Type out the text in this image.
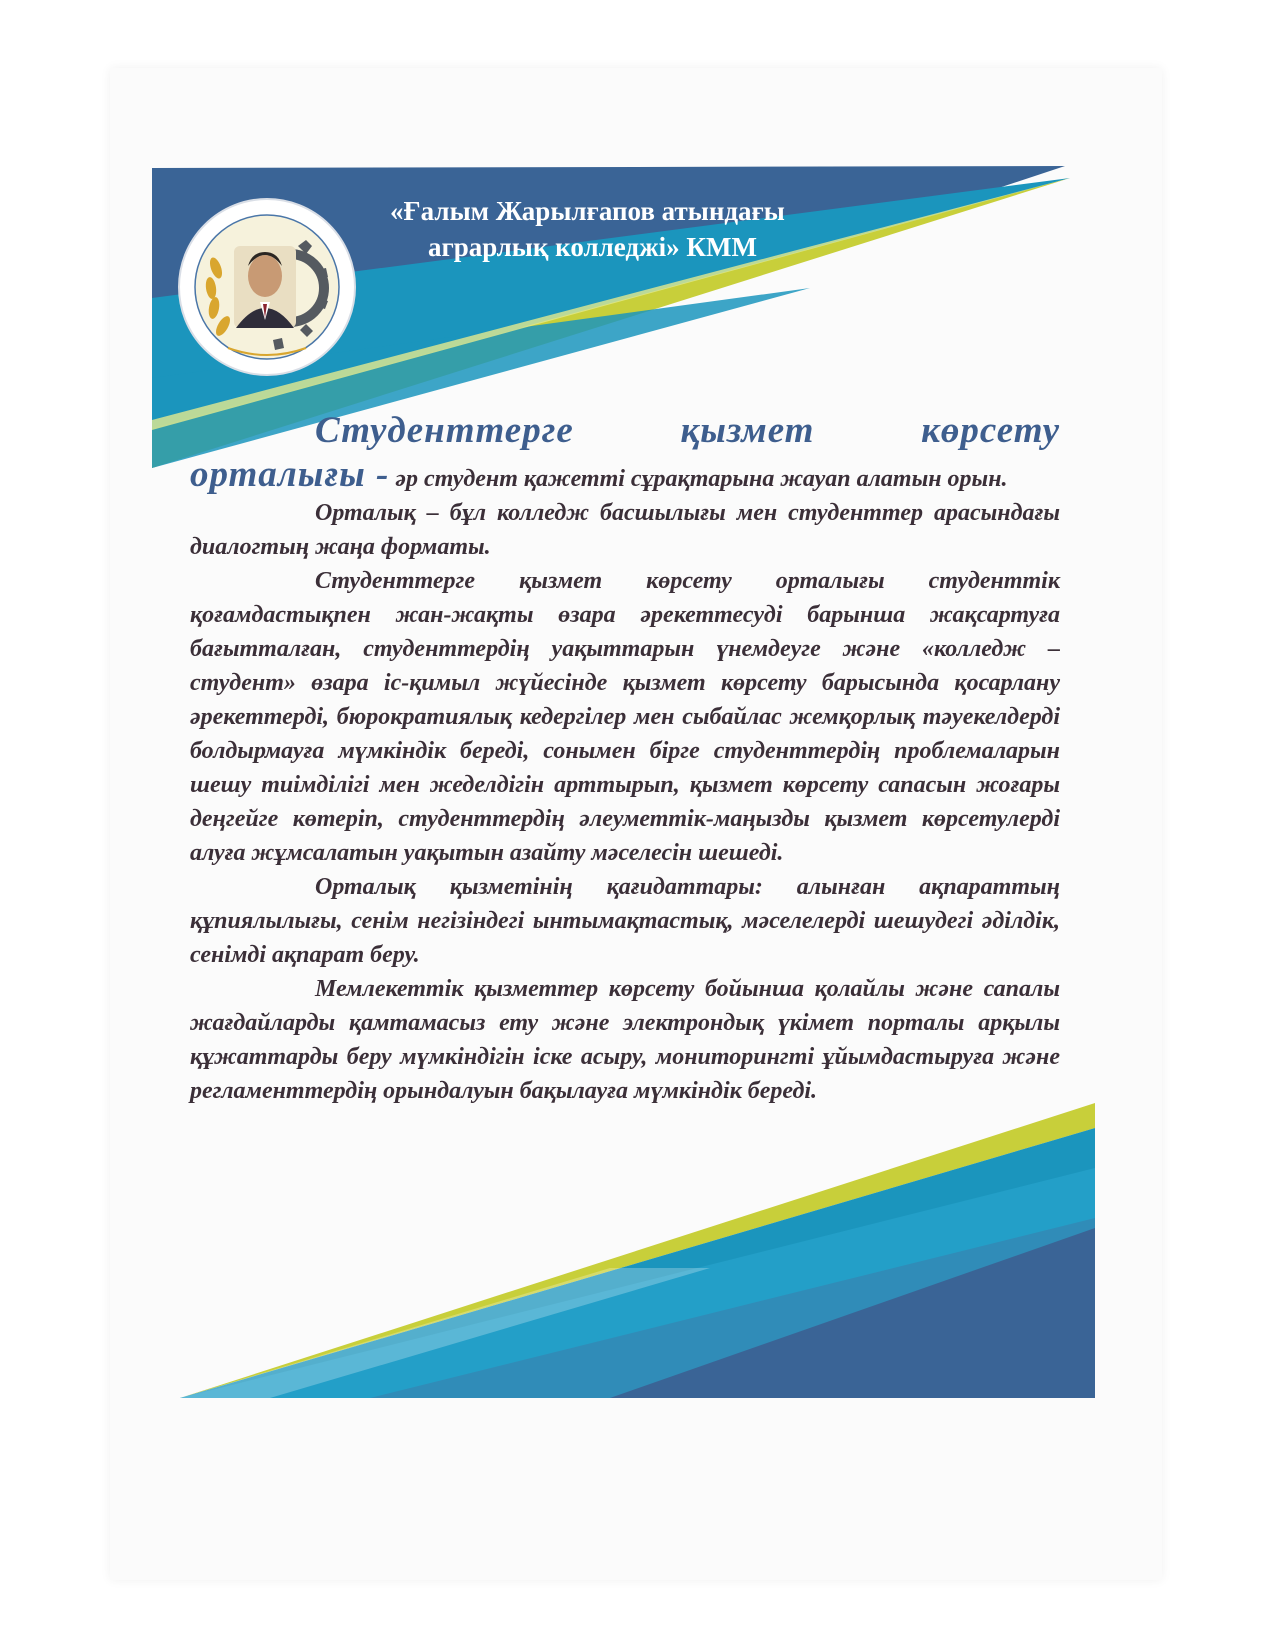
«Ғалым Жарылғапов атындағы
аграрлық колледжі» КММ
Студенттерге	қызмет	көрсету

орталығы - әр студент қажетті сұрақтарына жауап алатын орын.

Орталық – бұл колледж басшылығы мен студенттер арасындағы диалогтың жаңа форматы.

Студенттерге қызмет көрсету орталығы студенттік қоғамдастықпен жан-жақты өзара әрекеттесуді барынша жақсартуға бағытталған, студенттердің уақыттарын үнемдеуге және «колледж – студент» өзара іс-қимыл жүйесінде қызмет көрсету барысында қосарлану әрекеттерді, бюрократиялық кедергілер мен сыбайлас жемқорлық тәуекелдерді болдырмауға мүмкіндік береді, сонымен бірге студенттердің проблемаларын шешу тиімділігі мен жеделдігін арттырып, қызмет көрсету сапасын жоғары деңгейге көтеріп, студенттердің әлеуметтік-маңызды қызмет көрсетулерді алуға жұмсалатын уақытын азайту мәселесін шешеді.

Орталық қызметінің қағидаттары: алынған ақпараттың құпиялылығы, сенім негізіндегі ынтымақтастық, мәселелерді шешудегі әділдік, сенімді ақпарат беру.

Мемлекеттік қызметтер көрсету бойынша қолайлы және сапалы жағдайларды қамтамасыз ету және электрондық үкімет порталы арқылы құжаттарды беру мүмкіндігін іске асыру, мониторингті ұйымдастыруға және регламенттердің орындалуын бақылауға мүмкіндік береді.
